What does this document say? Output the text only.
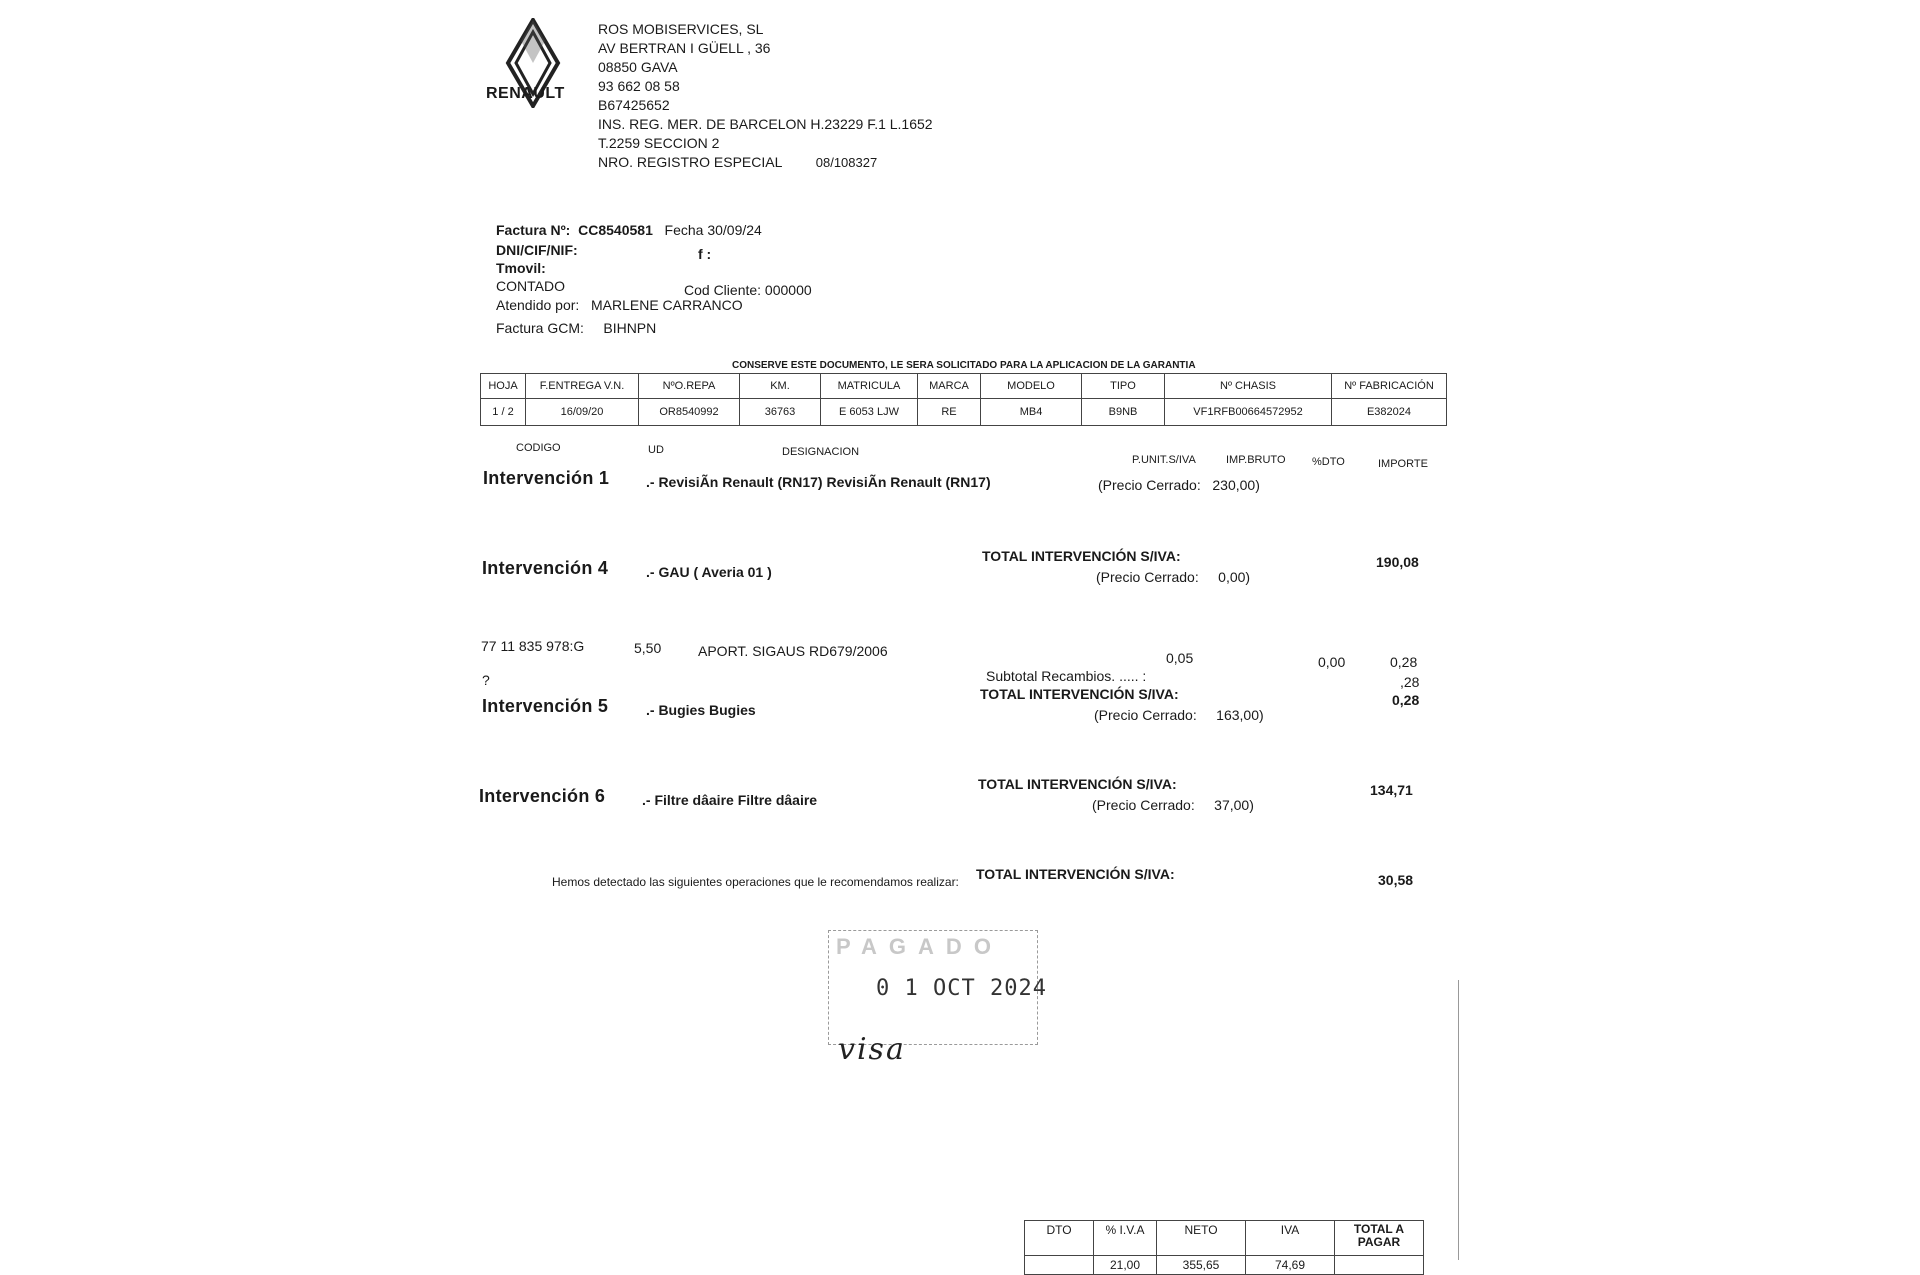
RENAULT
ROS MOBISERVICES, SL
AV BERTRAN I GÜELL , 36
08850 GAVA
93 662 08 58
B67425652
INS. REG. MER. DE BARCELON H.23229 F.1 L.1652
T.2259 SECCION 2
NRO. REGISTRO ESPECIAL	08/108327
Factura Nº: CC8540581 Fecha 30/09/24
DNI/CIF/NIF:	f :
Tmovil:
CONTADO	Cod Cliente: 000000
Atendido por: MARLENE CARRANCO
Factura GCM: BIHNPN
CONSERVE ESTE DOCUMENTO, LE SERA SOLICITADO PARA LA APLICACION DE LA GARANTIA
HOJA	F.ENTREGA V.N.	NºO.REPA	KM.	MATRICULA	MARCA	MODELO	TIPO	Nº CHASIS	Nº FABRICACIÓN
1 / 2	16/09/20	OR8540992	36763	E 6053 LJW	RE	MB4	B9NB	VF1RFB00664572952	E382024
CODIGO	UD	DESIGNACION
P.UNIT.S/IVA	IMP.BRUTO %DTO	IMPORTE
Intervención 1	.- RevisiÃn Renault (RN17) RevisiÃn Renault (RN17)	(Precio Cerrado: 230,00)
TOTAL INTERVENCIÓN S/IVA:	190,08
Intervención 4	.- GAU ( Averia 01 )	(Precio Cerrado: 0,00)
77 11 835 978:G	5,50	APORT. SIGAUS RD679/2006	0,05	0,00	0,28
?	Subtotal Recambios. ..... :	,28
TOTAL INTERVENCIÓN S/IVA:	0,28
Intervención 5	.- Bugies Bugies	(Precio Cerrado: 163,00)
TOTAL INTERVENCIÓN S/IVA:	134,71
Intervención 6	.- Filtre dâaire Filtre dâaire	(Precio Cerrado: 37,00)
TOTAL INTERVENCIÓN S/IVA:	30,58
Hemos detectado las siguientes operaciones que le recomendamos realizar:
PAGADO
0 1 OCT 2024
visa
DTO	% I.V.A	NETO	IVA	TOTAL A PAGAR
	21,00	355,65	74,69	
